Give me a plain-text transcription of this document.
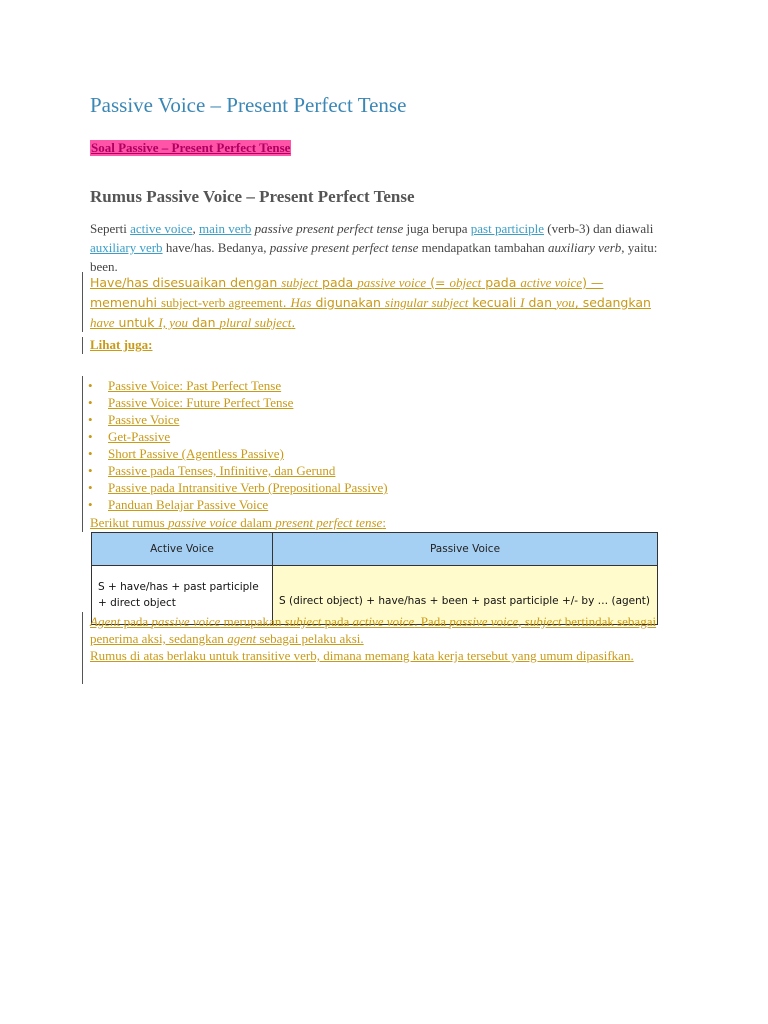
Passive Voice – Present Perfect Tense
Soal Passive – Present Perfect Tense
Rumus Passive Voice – Present Perfect Tense
Seperti active voice, main verb passive present perfect tense juga berupa past participle (verb-3) dan diawali auxiliary verb have/has. Bedanya, passive present perfect tense mendapatkan tambahan auxiliary verb, yaitu: been.
Have/has disesuaikan dengan subject pada passive voice (= object pada active voice) — memenuhi subject-verb agreement. Has digunakan singular subject kecuali I dan you, sedangkan have untuk I, you dan plural subject.
Lihat juga:
• Passive Voice: Past Perfect Tense
• Passive Voice: Future Perfect Tense
• Passive Voice
• Get-Passive
• Short Passive (Agentless Passive)
• Passive pada Tenses, Infinitive, dan Gerund
• Passive pada Intransitive Verb (Prepositional Passive)
• Panduan Belajar Passive Voice
Berikut rumus passive voice dalam present perfect tense:
Active Voice	Passive Voice
S + have/has + past participle + direct object	S (direct object) + have/has + been + past participle +/- by … (agent)
Agent pada passive voice merupakan subject pada active voice. Pada passive voice, subject bertindak sebagai penerima aksi, sedangkan agent sebagai pelaku aksi.
Rumus di atas berlaku untuk transitive verb, dimana memang kata kerja tersebut yang umum dipasifkan.
